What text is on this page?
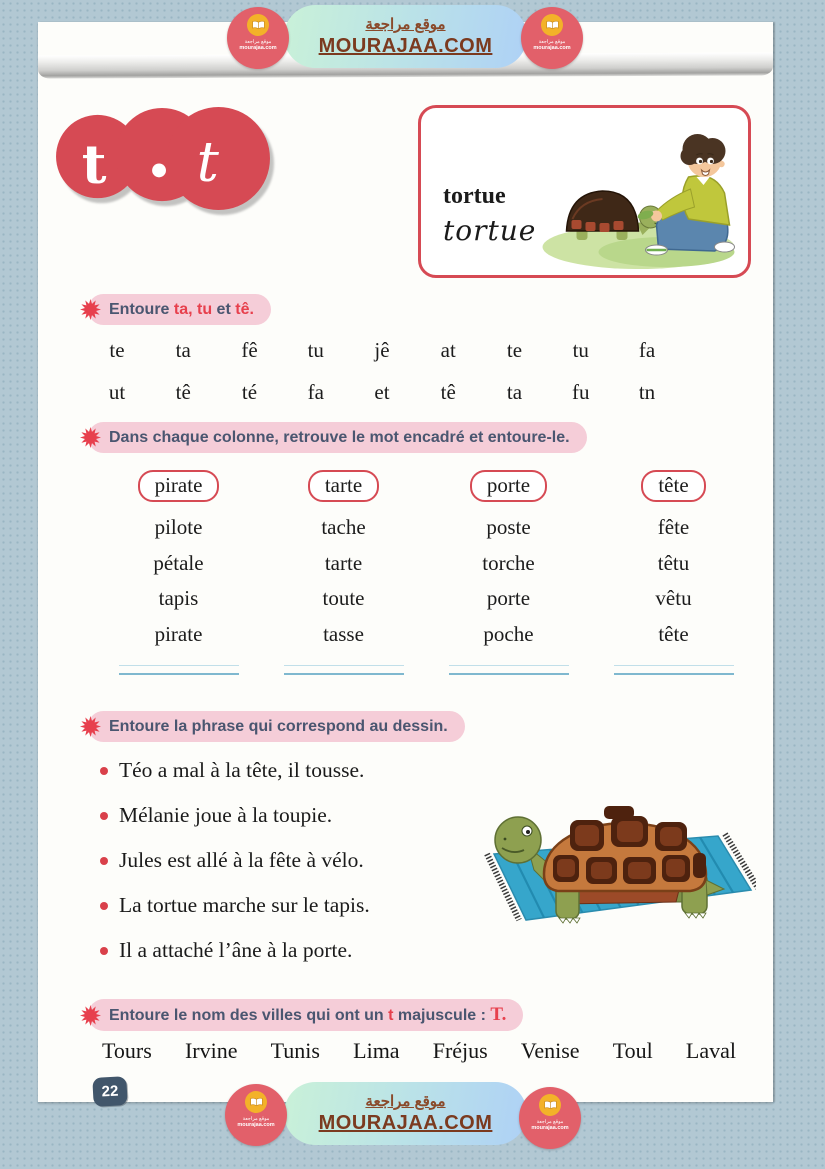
t t
tortue
tortue
Entoure ta, tu et tê.
te ta fê tu jê at te tu fa
ut tê té fa et tê ta fu tn
Dans chaque colonne, retrouve le mot encadré et entoure-le.
pirate
pilote
pétale
tapis
pirate
tarte
tache
tarte
toute
tasse
porte
poste
torche
porte
poche
tête
fête
têtu
vêtu
tête
Entoure la phrase qui correspond au dessin.
Téo a mal à la tête, il tousse.
Mélanie joue à la toupie.
Jules est allé à la fête à vélo.
La tortue marche sur le tapis.
Il a attaché l’âne à la porte.
Entoure le nom des villes qui ont un t majuscule : T.
Tours Irvine Tunis Lima Fréjus Venise Toul Laval
22
موقع مراجعة
MOURAJAA.COM
موقع مراجعة
mourajaa.com
موقع مراجعة
mourajaa.com
موقع مراجعة
MOURAJAA.COM
موقع مراجعة
mourajaa.com	موقع مراجعة
mourajaa.com
